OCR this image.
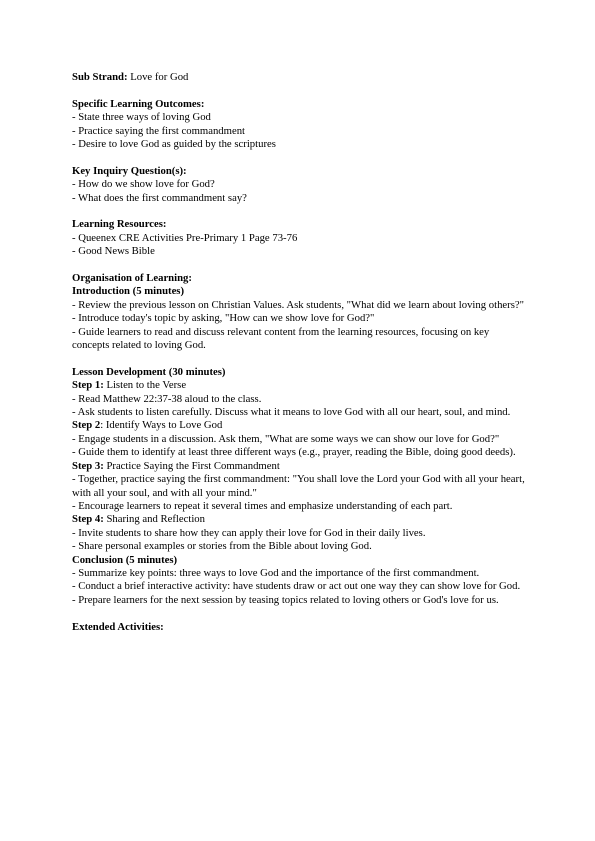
Sub Strand: Love for God

Specific Learning Outcomes:

- State three ways of loving God

- Practice saying the first commandment

- Desire to love God as guided by the scriptures

Key Inquiry Question(s):

- How do we show love for God?

- What does the first commandment say?

Learning Resources:

- Queenex CRE Activities Pre-Primary 1 Page 73-76

- Good News Bible

Organisation of Learning:

Introduction (5 minutes)

- Review the previous lesson on Christian Values. Ask students, "What did we learn about loving others?"

- Introduce today's topic by asking, "How can we show love for God?"

- Guide learners to read and discuss relevant content from the learning resources, focusing on key concepts related to loving God.

Lesson Development (30 minutes)

Step 1: Listen to the Verse

- Read Matthew 22:37-38 aloud to the class.

- Ask students to listen carefully. Discuss what it means to love God with all our heart, soul, and mind.

Step 2: Identify Ways to Love God

- Engage students in a discussion. Ask them, "What are some ways we can show our love for God?"

- Guide them to identify at least three different ways (e.g., prayer, reading the Bible, doing good deeds).

Step 3: Practice Saying the First Commandment

- Together, practice saying the first commandment: "You shall love the Lord your God with all your heart, with all your soul, and with all your mind."

- Encourage learners to repeat it several times and emphasize understanding of each part.

Step 4: Sharing and Reflection

- Invite students to share how they can apply their love for God in their daily lives.

- Share personal examples or stories from the Bible about loving God.

Conclusion (5 minutes)

- Summarize key points: three ways to love God and the importance of the first commandment.

- Conduct a brief interactive activity: have students draw or act out one way they can show love for God.

- Prepare learners for the next session by teasing topics related to loving others or God's love for us.

Extended Activities:
